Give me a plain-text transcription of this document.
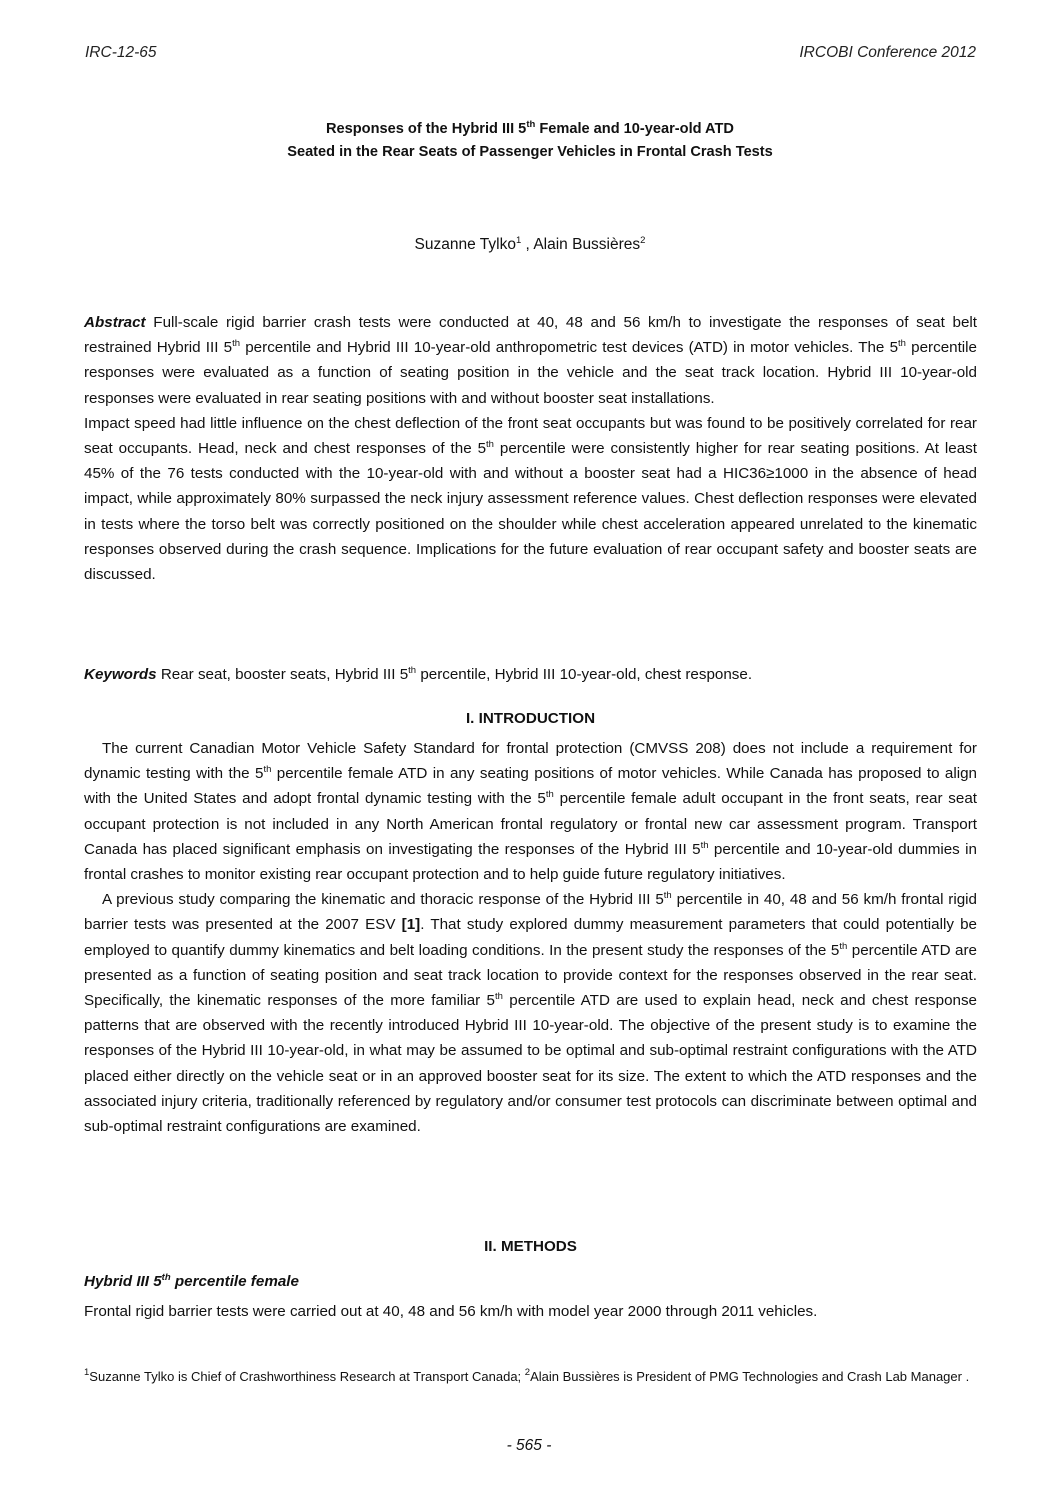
IRC-12-65	IRCOBI Conference 2012
Responses of the Hybrid III 5th Female and 10-year-old ATD
Seated in the Rear Seats of Passenger Vehicles in Frontal Crash Tests
Suzanne Tylko$^1$ , Alain Bussières$^2$

Abstract Full-scale rigid barrier crash tests were conducted at 40, 48 and 56 km/h to investigate the responses of seat belt restrained Hybrid III 5th percentile and Hybrid III 10-year-old anthropometric test devices (ATD) in motor vehicles. The 5th percentile responses were evaluated as a function of seating position in the vehicle and the seat track location. Hybrid III 10-year-old responses were evaluated in rear seating positions with and without booster seat installations.

Impact speed had little influence on the chest deflection of the front seat occupants but was found to be positively correlated for rear seat occupants. Head, neck and chest responses of the 5th percentile were consistently higher for rear seating positions. At least 45% of the 76 tests conducted with the 10-year-old with and without a booster seat had a HIC36≥1000 in the absence of head impact, while approximately 80% surpassed the neck injury assessment reference values. Chest deflection responses were elevated in tests where the torso belt was correctly positioned on the shoulder while chest acceleration appeared unrelated to the kinematic responses observed during the crash sequence. Implications for the future evaluation of rear occupant safety and booster seats are discussed.

Keywords Rear seat, booster seats, Hybrid III 5th percentile, Hybrid III 10-year-old, chest response.

I. INTRODUCTION

The current Canadian Motor Vehicle Safety Standard for frontal protection (CMVSS 208) does not include a requirement for dynamic testing with the 5th percentile female ATD in any seating positions of motor vehicles. While Canada has proposed to align with the United States and adopt frontal dynamic testing with the 5th percentile female adult occupant in the front seats, rear seat occupant protection is not included in any North American frontal regulatory or frontal new car assessment program. Transport Canada has placed significant emphasis on investigating the responses of the Hybrid III 5th percentile and 10-year-old dummies in frontal crashes to monitor existing rear occupant protection and to help guide future regulatory initiatives.

A previous study comparing the kinematic and thoracic response of the Hybrid III 5th percentile in 40, 48 and 56 km/h frontal rigid barrier tests was presented at the 2007 ESV [1]. That study explored dummy measurement parameters that could potentially be employed to quantify dummy kinematics and belt loading conditions. In the present study the responses of the 5th percentile ATD are presented as a function of seating position and seat track location to provide context for the responses observed in the rear seat. Specifically, the kinematic responses of the more familiar 5th percentile ATD are used to explain head, neck and chest response patterns that are observed with the recently introduced Hybrid III 10-year-old. The objective of the present study is to examine the responses of the Hybrid III 10-year-old, in what may be assumed to be optimal and sub-optimal restraint configurations with the ATD placed either directly on the vehicle seat or in an approved booster seat for its size. The extent to which the ATD responses and the associated injury criteria, traditionally referenced by regulatory and/or consumer test protocols can discriminate between optimal and sub-optimal restraint configurations are examined.

II. METHODS
Hybrid III 5th percentile female

Frontal rigid barrier tests were carried out at 40, 48 and 56 km/h with model year 2000 through 2011 vehicles.

$^1$Suzanne Tylko is Chief of Crashworthiness Research at Transport Canada; $^2$Alain Bussières is President of PMG Technologies and Crash Lab Manager .
- 565 -
